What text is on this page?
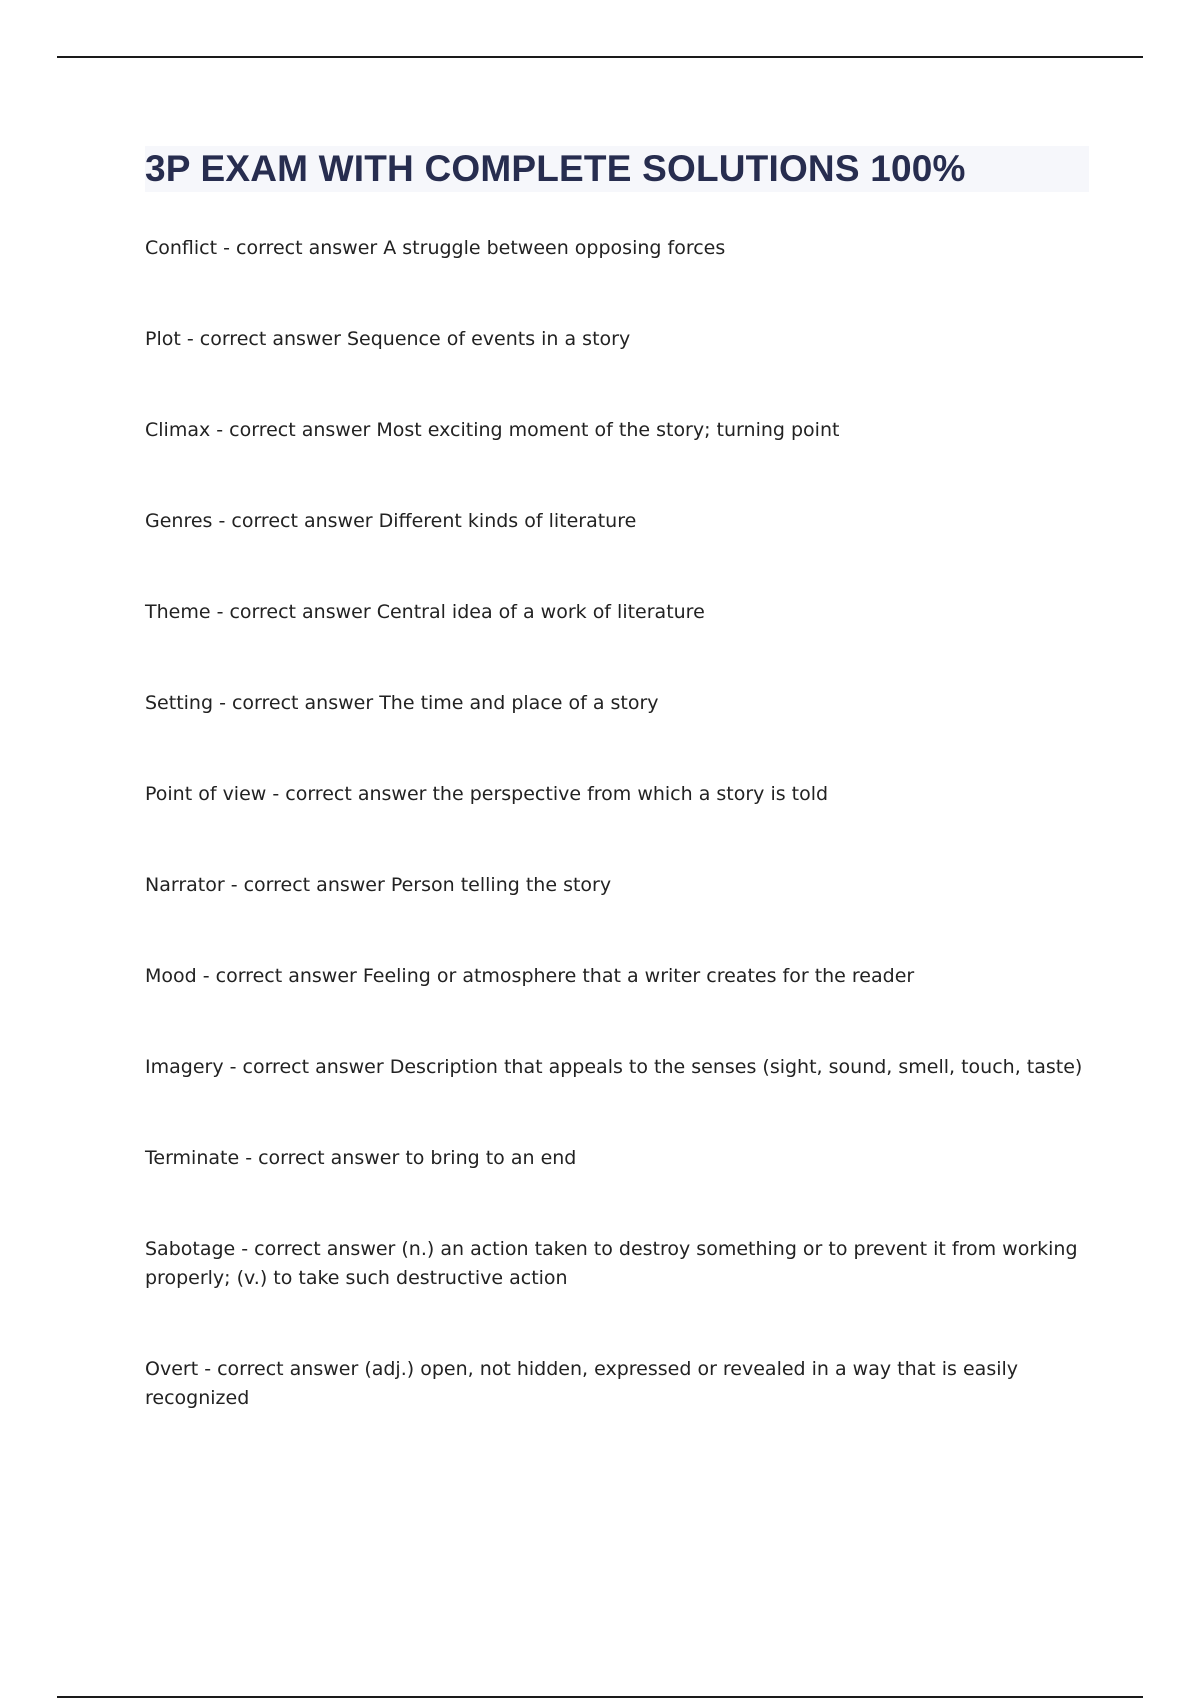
3P EXAM WITH COMPLETE SOLUTIONS 100%
Conflict - correct answer A struggle between opposing forces
Plot - correct answer Sequence of events in a story
Climax - correct answer Most exciting moment of the story; turning point
Genres - correct answer Different kinds of literature
Theme - correct answer Central idea of a work of literature
Setting - correct answer The time and place of a story
Point of view - correct answer the perspective from which a story is told
Narrator - correct answer Person telling the story
Mood - correct answer Feeling or atmosphere that a writer creates for the reader
Imagery - correct answer Description that appeals to the senses (sight, sound, smell, touch, taste)
Terminate - correct answer to bring to an end
Sabotage - correct answer (n.) an action taken to destroy something or to prevent it from working properly; (v.) to take such destructive action
Overt - correct answer (adj.) open, not hidden, expressed or revealed in a way that is easily recognized
